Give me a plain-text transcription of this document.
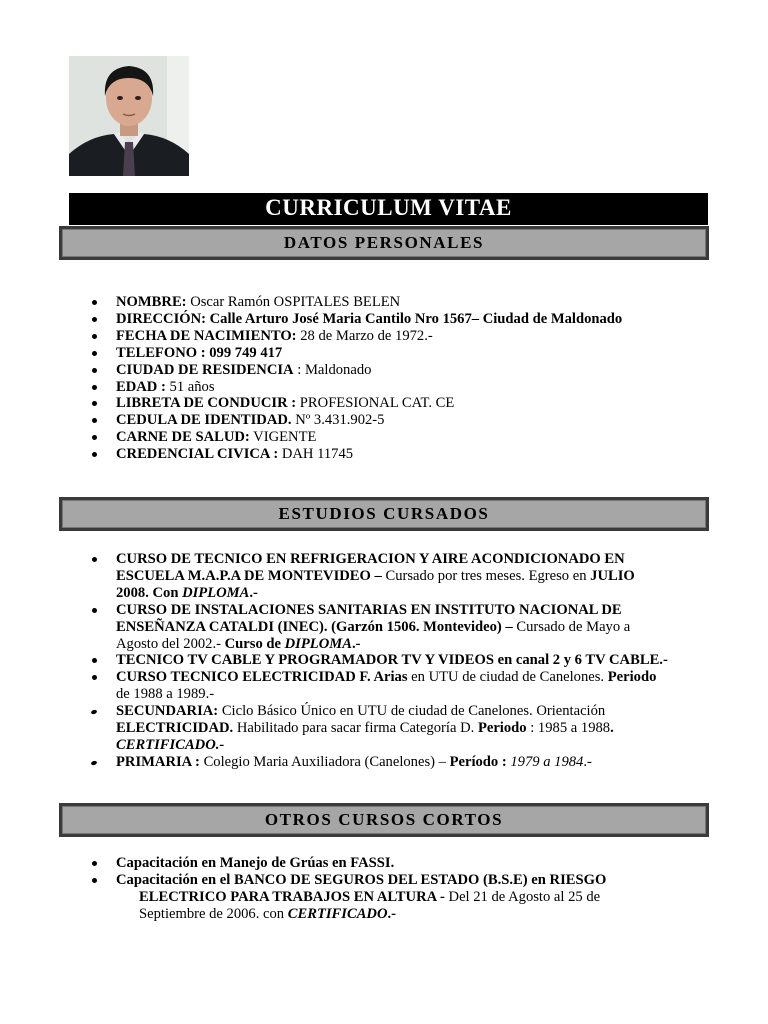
CURRICULUM VITAE
DATOS PERSONALES
NOMBRE: Oscar Ramón OSPITALES BELEN
DIRECCIÓN: Calle Arturo José Maria Cantilo Nro 1567– Ciudad de Maldonado
FECHA DE NACIMIENTO: 28 de Marzo de 1972.-
TELEFONO : 099 749 417
CIUDAD DE RESIDENCIA : Maldonado
EDAD : 51 años
LIBRETA DE CONDUCIR : PROFESIONAL CAT. CE
CEDULA DE IDENTIDAD. Nº 3.431.902-5
CARNE DE SALUD: VIGENTE
CREDENCIAL CIVICA : DAH 11745
ESTUDIOS CURSADOS
CURSO DE TECNICO EN REFRIGERACION Y AIRE ACONDICIONADO EN ESCUELA M.A.P.A DE MONTEVIDEO – Cursado por tres meses. Egreso en JULIO 2008. Con DIPLOMA.-
CURSO DE INSTALACIONES SANITARIAS EN INSTITUTO NACIONAL DE ENSEÑANZA CATALDI (INEC). (Garzón 1506. Montevideo) – Cursado de Mayo a Agosto del 2002.- Curso de DIPLOMA.-
TECNICO TV CABLE Y PROGRAMADOR TV Y VIDEOS en canal 2 y 6 TV CABLE.-
CURSO TECNICO ELECTRICIDAD F. Arias en UTU de ciudad de Canelones. Periodo de 1988 a 1989.-
SECUNDARIA: Ciclo Básico Único en UTU de ciudad de Canelones. Orientación ELECTRICIDAD. Habilitado para sacar firma Categoría D. Periodo : 1985 a 1988. CERTIFICADO.-
PRIMARIA : Colegio Maria Auxiliadora (Canelones) – Período : 1979 a 1984.-
OTROS CURSOS CORTOS
Capacitación en Manejo de Grúas en FASSI.
Capacitación en el BANCO DE SEGUROS DEL ESTADO (B.S.E) en RIESGO
ELECTRICO PARA TRABAJOS EN ALTURA - Del 21 de Agosto al 25 de Septiembre de 2006. con CERTIFICADO.-
